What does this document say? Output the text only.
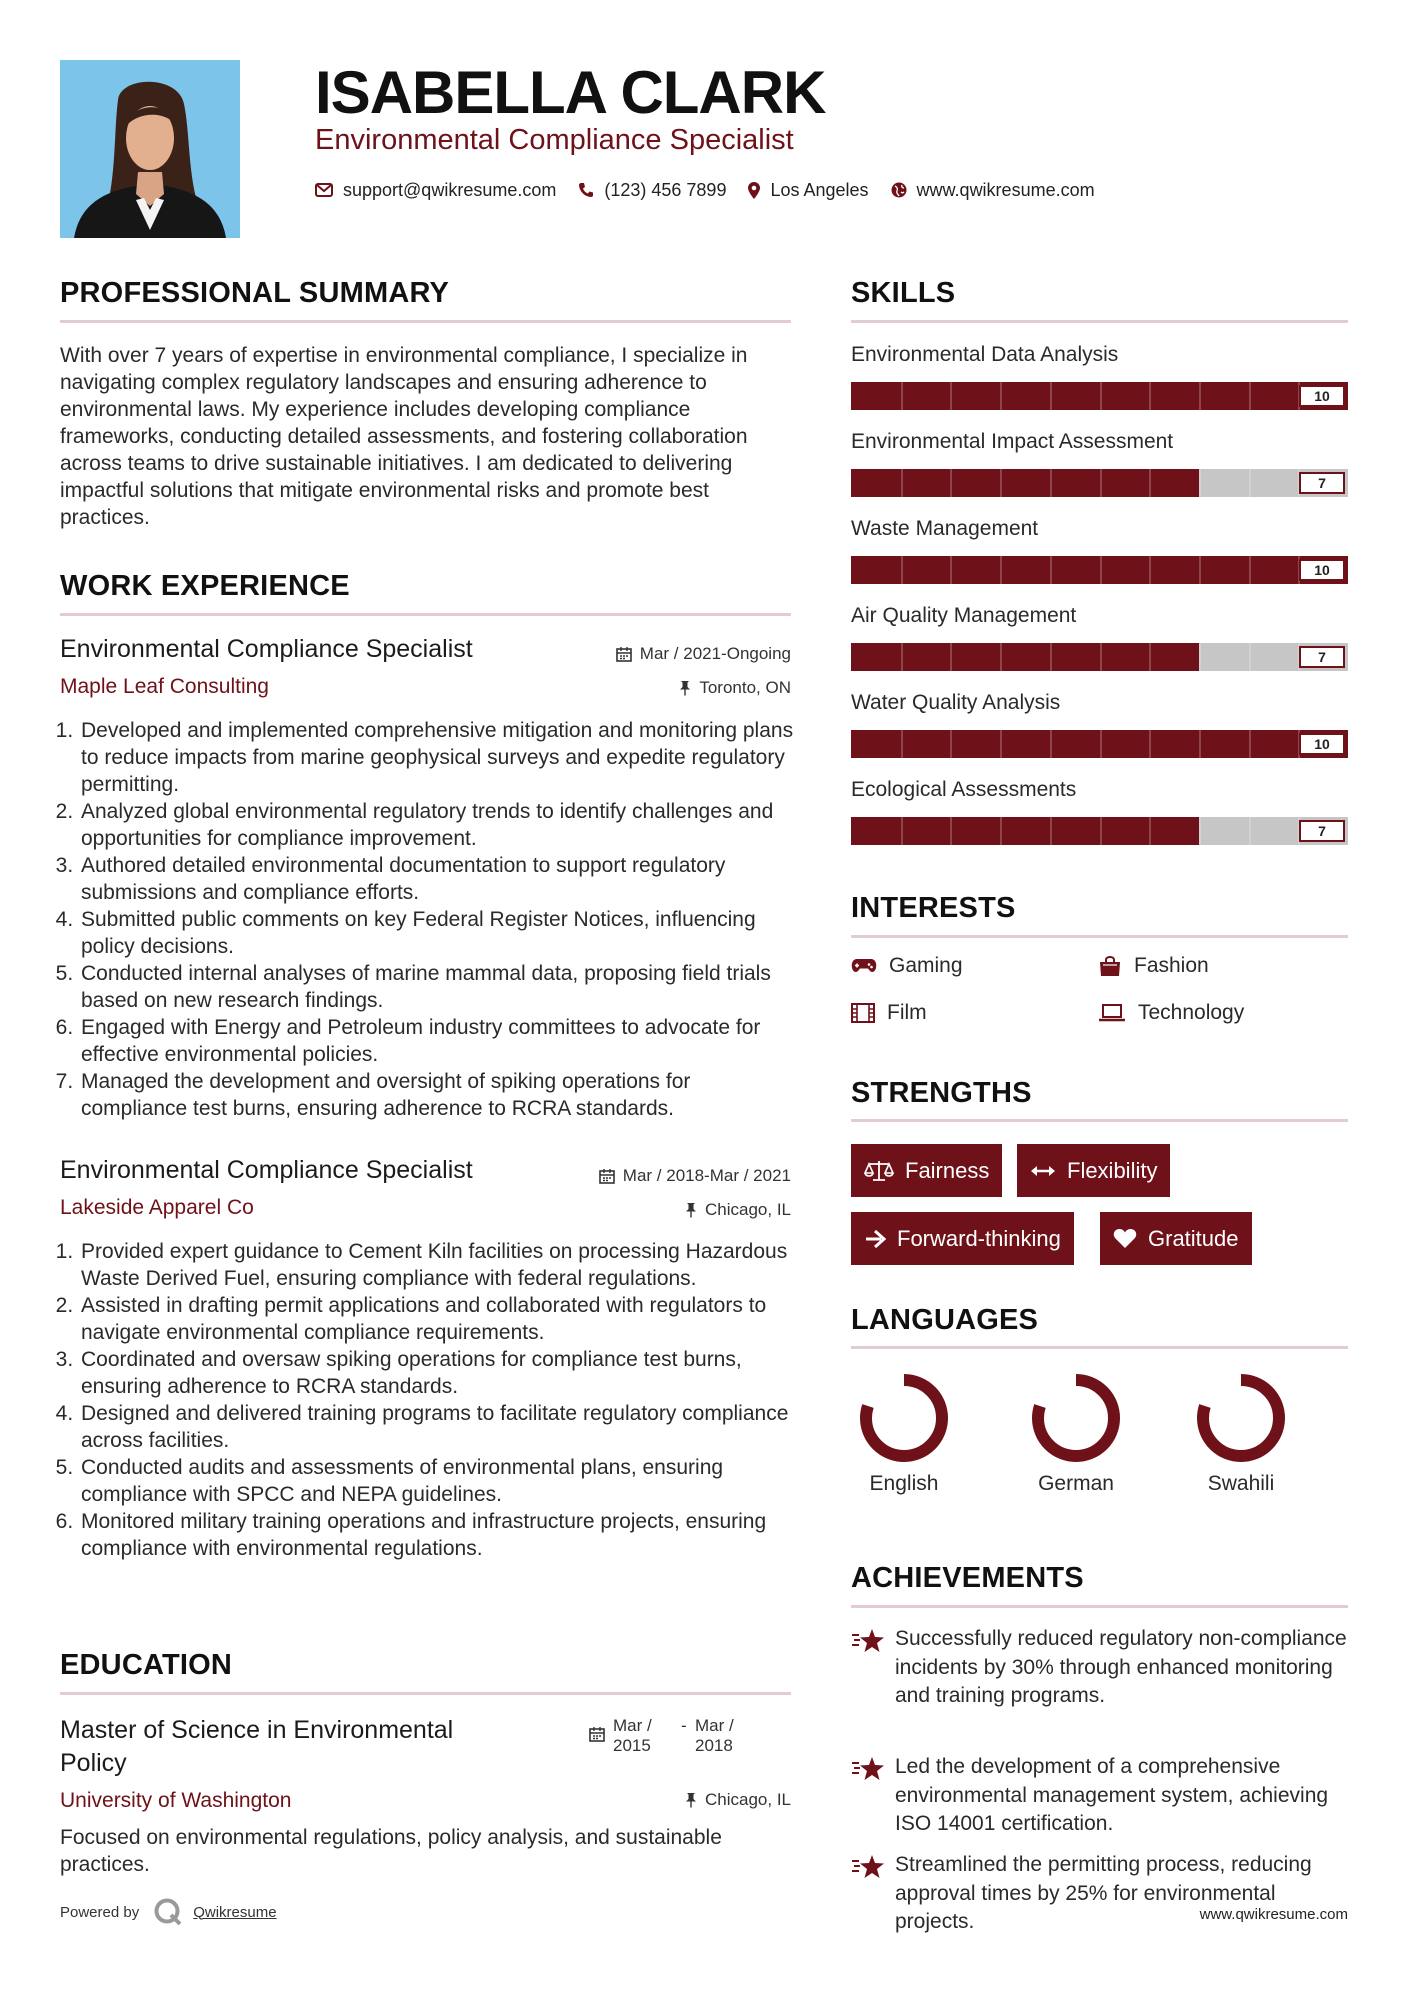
ISABELLA CLARK
Environmental Compliance Specialist
support@qwikresume.com	(123) 456 7899 Los Angeles	www.qwikresume.com
PROFESSIONAL SUMMARY
With over 7 years of expertise in environmental compliance, I specialize in navigating complex regulatory landscapes and ensuring adherence to environmental laws. My experience includes developing compliance frameworks, conducting detailed assessments, and fostering collaboration across teams to drive sustainable initiatives. I am dedicated to delivering impactful solutions that mitigate environmental risks and promote best practices.
WORK EXPERIENCE
Environmental Compliance Specialist	Mar / 2021-Ongoing
Maple Leaf Consulting	Toronto, ON
1. Developed and implemented comprehensive mitigation and monitoring plans to reduce impacts from marine geophysical surveys and expedite regulatory permitting.
2. Analyzed global environmental regulatory trends to identify challenges and opportunities for compliance improvement.
3. Authored detailed environmental documentation to support regulatory submissions and compliance efforts.
4. Submitted public comments on key Federal Register Notices, influencing policy decisions.
5. Conducted internal analyses of marine mammal data, proposing field trials based on new research findings.
6. Engaged with Energy and Petroleum industry committees to advocate for effective environmental policies.
7. Managed the development and oversight of spiking operations for compliance test burns, ensuring adherence to RCRA standards.
Environmental Compliance Specialist	Mar / 2018-Mar / 2021
Lakeside Apparel Co	Chicago, IL
1. Provided expert guidance to Cement Kiln facilities on processing Hazardous Waste Derived Fuel, ensuring compliance with federal regulations.
2. Assisted in drafting permit applications and collaborated with regulators to navigate environmental compliance requirements.
3. Coordinated and oversaw spiking operations for compliance test burns, ensuring adherence to RCRA standards.
4. Designed and delivered training programs to facilitate regulatory compliance across facilities.
5. Conducted audits and assessments of environmental plans, ensuring compliance with SPCC and NEPA guidelines.
6. Monitored military training operations and infrastructure projects, ensuring compliance with environmental regulations.
EDUCATION
Master of Science in Environmental Policy
Mar / 2015
- Mar / 2018
University of Washington	Chicago, IL
Focused on environmental regulations, policy analysis, and sustainable practices.
SKILLS
Environmental Data Analysis
10
Environmental Impact Assessment
7
Waste Management
10
Air Quality Management
7
Water Quality Analysis
10
Ecological Assessments
7
INTERESTS
Gaming	Fashion
Film	Technology
STRENGTHS
Fairness	Flexibility
Forward-thinking	Gratitude
LANGUAGES
English	German	Swahili
ACHIEVEMENTS
Successfully reduced regulatory non-compliance incidents by 30% through enhanced monitoring and training programs.
Led the development of a comprehensive environmental management system, achieving ISO 14001 certification.
Streamlined the permitting process, reducing approval times by 25% for environmental projects.
Powered by	Qwikresume	www.qwikresume.com
